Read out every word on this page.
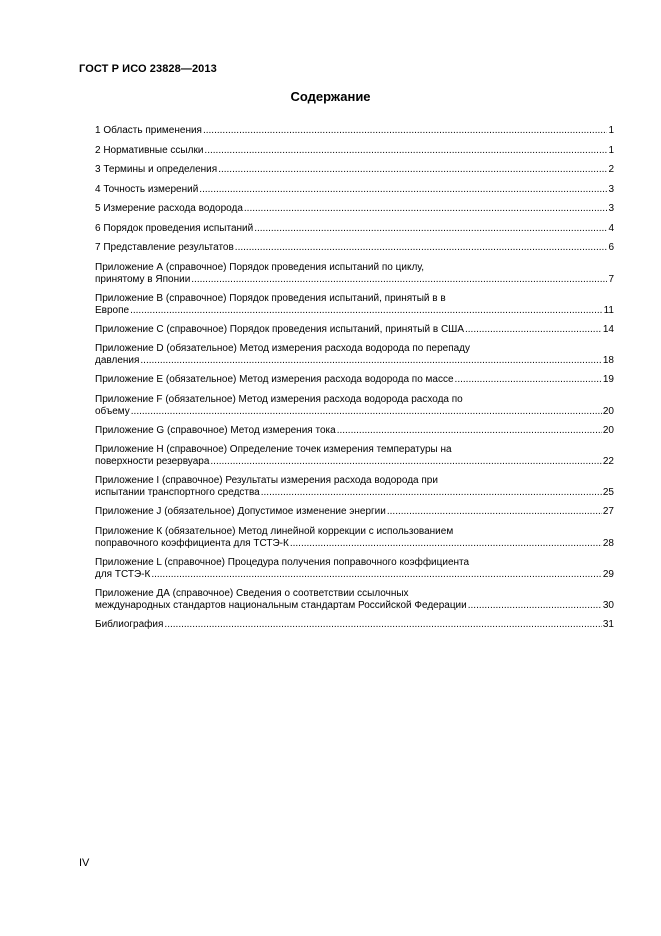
ГОСТ Р ИСО 23828—2013
Содержание
1 Область применения .....	1
2 Нормативные ссылки .....	1
3 Термины и определения .....	2
4 Точность измерений .....	3
5 Измерение расхода водорода .....	3
6 Порядок проведения испытаний .....	4
7 Представление результатов .....	6
Приложение А (справочное) Порядок проведения испытаний по циклу,
принятому в Японии .....	7
Приложение В (справочное) Порядок проведения испытаний, принятый в в
Европе .....	11
Приложение С (справочное) Порядок проведения испытаний, принятый в США .....	14
Приложение D (обязательное) Метод измерения расхода водорода по перепаду
давления .....	18
Приложение Е (обязательное) Метод измерения расхода водорода по массе .....	19
Приложение F (обязательное) Метод измерения расхода водорода расхода по
объему .....	20
Приложение G (справочное) Метод измерения тока .....	20
Приложение Н (справочное) Определение точек измерения температуры на
поверхности резервуара .....	22
Приложение I (справочное) Результаты измерения расхода водорода при
испытании транспортного средства .....	25
Приложение J (обязательное) Допустимое изменение энергии .....	27
Приложение К (обязательное) Метод линейной коррекции с использованием
поправочного коэффициента для ТСТЭ-К .....	28
Приложение L (справочное) Процедура получения поправочного коэффициента
для ТСТЭ-К .....	29
Приложение ДА (справочное) Сведения о соответствии ссылочных
международных стандартов национальным стандартам Российской Федерации .....	30
Библиография .....	31
IV
